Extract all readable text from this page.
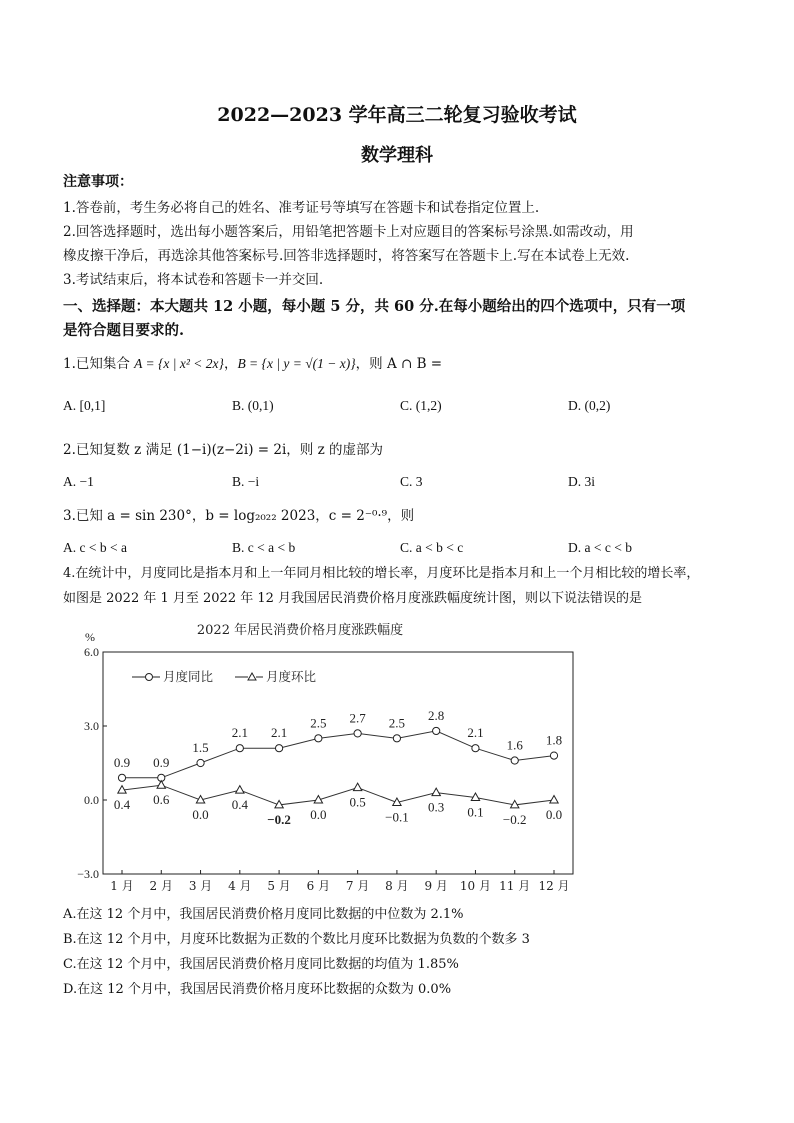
2022—2023 学年高三二轮复习验收考试
数学理科
注意事项：
1.答卷前，考生务必将自己的姓名、准考证号等填写在答题卡和试卷指定位置上.
2.回答选择题时，选出每小题答案后，用铅笔把答题卡上对应题目的答案标号涂黑.如需改动，用
橡皮擦干净后，再选涂其他答案标号.回答非选择题时，将答案写在答题卡上.写在本试卷上无效.
3.考试结束后，将本试卷和答题卡一并交回.
一、选择题：本大题共 12 小题，每小题 5 分，共 60 分.在每小题给出的四个选项中，只有一项
是符合题目要求的.
1.已知集合 A = {x | x² < 2x}，B = {x | y = √(1 − x)}，则 A ∩ B =
A. [0,1]	B. (0,1)	C. (1,2)	D. (0,2)
2.已知复数 z 满足 (1−i)(z−2i) = 2i，则 z 的虚部为
A. −1	B. −i	C. 3	D. 3i
3.已知 a = sin 230°，b = log₂₀₂₂ 2023，c = 2⁻⁰·⁹，则
A. c < b < a	B. c < a < b	C. a < b < c	D. a < c < b
4.在统计中，月度同比是指本月和上一年同月相比较的增长率，月度环比是指本月和上一个月相比较的增长率，
如图是 2022 年 1 月至 2022 年 12 月我国居民消费价格月度涨跌幅度统计图，则以下说法错误的是
2022 年居民消费价格月度涨跌幅度
%
6.0
3.0
0.0
−3.0
1 月 2 月 3 月 4 月 5 月 6 月 7 月 8 月 9 月 10 月 11 月 12 月
月度同比	月度环比
0.9 0.9
1.5
2.1 2.1
2.5 2.7 2.5 2.8
2.1
1.6 1.8
0.4 0.6
0.0
0.4
−0.2 0.0
0.5
−0.1
0.3 0.1 −0.2 0.0
A.在这 12 个月中，我国居民消费价格月度同比数据的中位数为 2.1%
B.在这 12 个月中，月度环比数据为正数的个数比月度环比数据为负数的个数多 3
C.在这 12 个月中，我国居民消费价格月度同比数据的均值为 1.85%
D.在这 12 个月中，我国居民消费价格月度环比数据的众数为 0.0%
